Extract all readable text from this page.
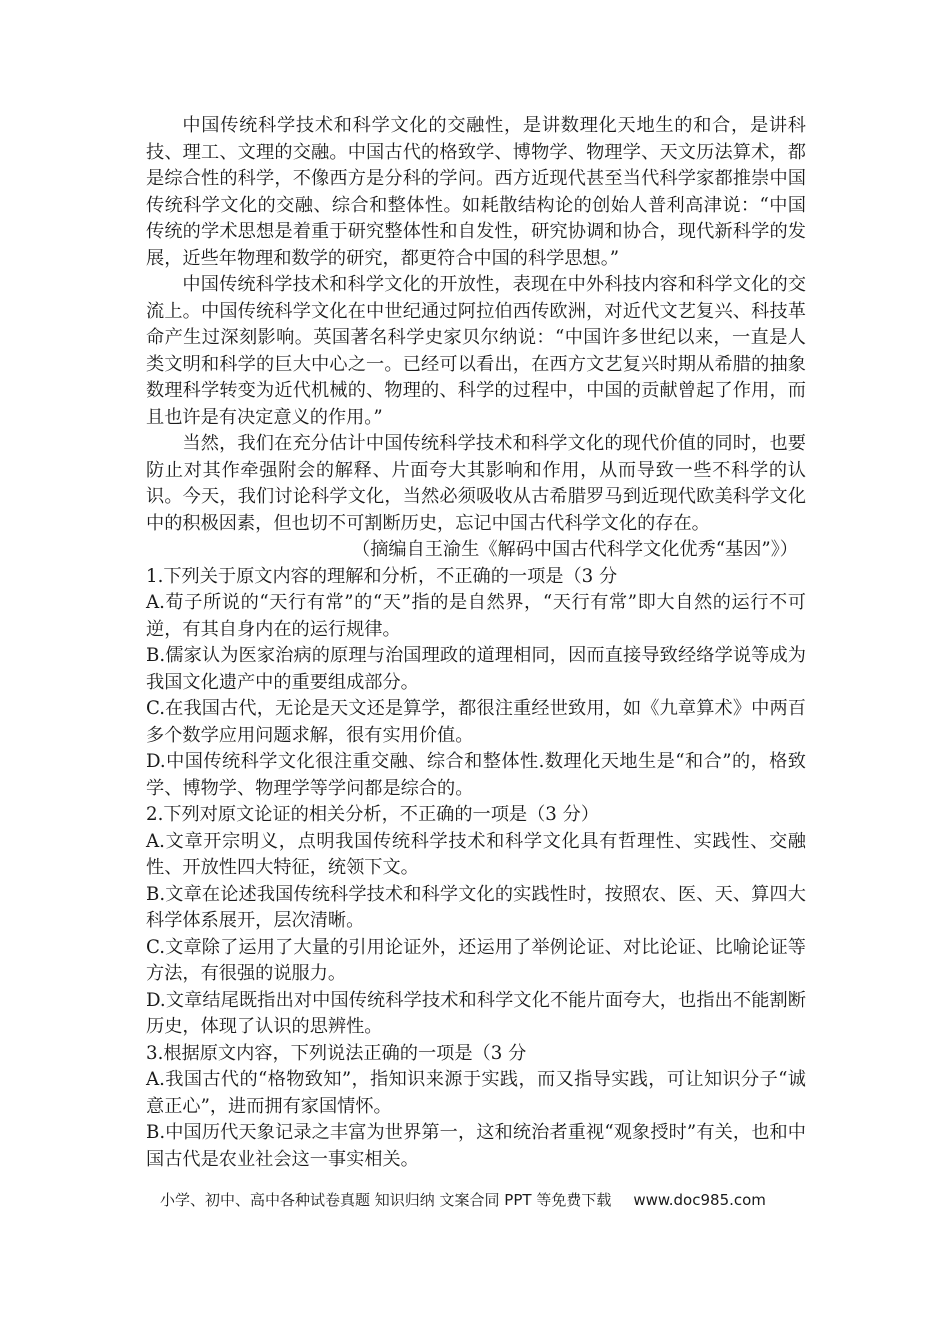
中国传统科学技术和科学文化的交融性，是讲数理化天地生的和合，是讲科技、理工、文理的交融。中国古代的格致学、博物学、物理学、天文历法算术，都是综合性的科学，不像西方是分科的学问。西方近现代甚至当代科学家都推崇中国传统科学文化的交融、综合和整体性。如耗散结构论的创始人普利高津说：“中国传统的学术思想是着重于研究整体性和自发性，研究协调和协合，现代新科学的发展，近些年物理和数学的研究，都更符合中国的科学思想。”

中国传统科学技术和科学文化的开放性，表现在中外科技内容和科学文化的交流上。中国传统科学文化在中世纪通过阿拉伯西传欧洲，对近代文艺复兴、科技革命产生过深刻影响。英国著名科学史家贝尔纳说：“中国许多世纪以来，一直是人类文明和科学的巨大中心之一。已经可以看出，在西方文艺复兴时期从希腊的抽象数理科学转变为近代机械的、物理的、科学的过程中，中国的贡献曾起了作用，而且也许是有决定意义的作用。”

当然，我们在充分估计中国传统科学技术和科学文化的现代价值的同时，也要防止对其作牵强附会的解释、片面夸大其影响和作用，从而导致一些不科学的认识。今天，我们讨论科学文化，当然必须吸收从古希腊罗马到近现代欧美科学文化中的积极因素，但也切不可割断历史，忘记中国古代科学文化的存在。

（摘编自王渝生《解码中国古代科学文化优秀“基因”》）

1.下列关于原文内容的理解和分析，不正确的一项是（3 分

A.荀子所说的“天行有常”的“天”指的是自然界，“天行有常”即大自然的运行不可逆，有其自身内在的运行规律。

B.儒家认为医家治病的原理与治国理政的道理相同，因而直接导致经络学说等成为我国文化遗产中的重要组成部分。

C.在我国古代，无论是天文还是算学，都很注重经世致用，如《九章算术》中两百多个数学应用问题求解，很有实用价值。

D.中国传统科学文化很注重交融、综合和整体性.数理化天地生是“和合”的，格致学、博物学、物理学等学问都是综合的。

2.下列对原文论证的相关分析，不正确的一项是（3 分）

A.文章开宗明义，点明我国传统科学技术和科学文化具有哲理性、实践性、交融性、开放性四大特征，统领下文。

B.文章在论述我国传统科学技术和科学文化的实践性时，按照农、医、天、算四大科学体系展开，层次清晰。

C.文章除了运用了大量的引用论证外，还运用了举例论证、对比论证、比喻论证等方法，有很强的说服力。

D.文章结尾既指出对中国传统科学技术和科学文化不能片面夸大，也指出不能割断历史，体现了认识的思辨性。

3.根据原文内容，下列说法正确的一项是（3 分

A.我国古代的“格物致知”，指知识来源于实践，而又指导实践，可让知识分子“诚意正心”，进而拥有家国情怀。

B.中国历代天象记录之丰富为世界第一，这和统治者重视“观象授时”有关，也和中国古代是农业社会这一事实相关。

小学、初中、高中各种试卷真题 知识归纳 文案合同 PPT 等免费下载 www.doc985.com
